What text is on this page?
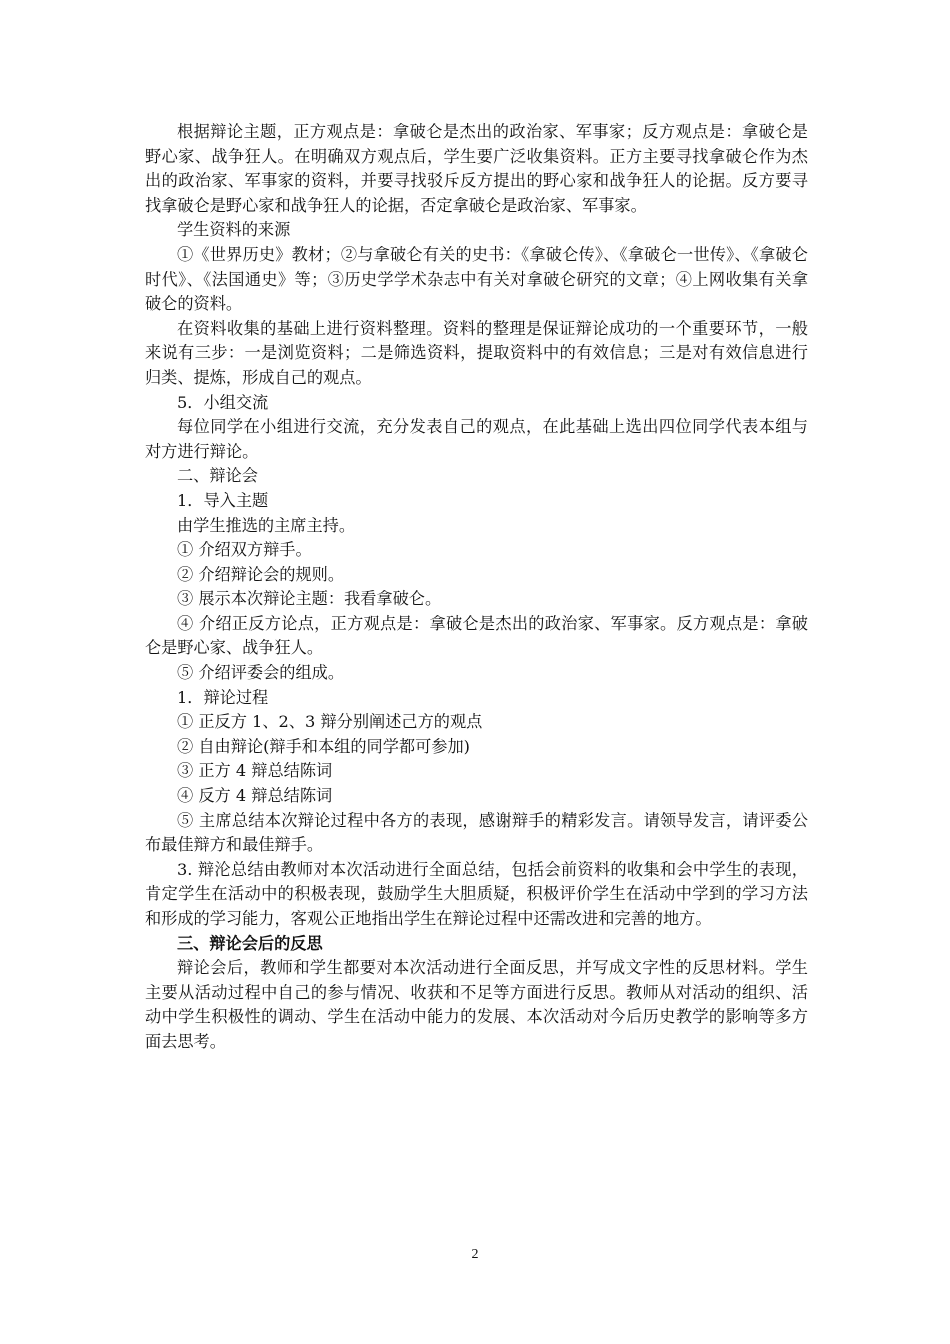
根据辩论主题，正方观点是：拿破仑是杰出的政治家、军事家；反方观点是：拿破仑是野心家、战争狂人。在明确双方观点后，学生要广泛收集资料。正方主要寻找拿破仑作为杰出的政治家、军事家的资料，并要寻找驳斥反方提出的野心家和战争狂人的论据。反方要寻找拿破仑是野心家和战争狂人的论据，否定拿破仑是政治家、军事家。

学生资料的来源

①《世界历史》教材；②与拿破仑有关的史书：《拿破仑传》、《拿破仑一世传》、《拿破仑时代》、《法国通史》等；③历史学学术杂志中有关对拿破仑研究的文章；④上网收集有关拿破仑的资料。

在资料收集的基础上进行资料整理。资料的整理是保证辩论成功的一个重要环节，一般来说有三步：一是浏览资料；二是筛选资料，提取资料中的有效信息；三是对有效信息进行归类、提炼，形成自己的观点。

5．小组交流

每位同学在小组进行交流，充分发表自己的观点，在此基础上选出四位同学代表本组与对方进行辩论。

二、辩论会

1．导入主题

由学生推选的主席主持。

① 介绍双方辩手。

② 介绍辩论会的规则。

③ 展示本次辩论主题：我看拿破仑。

④ 介绍正反方论点，正方观点是：拿破仑是杰出的政治家、军事家。反方观点是：拿破仑是野心家、战争狂人。

⑤ 介绍评委会的组成。

1．辩论过程

① 正反方 1、2、3 辩分别阐述己方的观点

② 自由辩论(辩手和本组的同学都可参加)

③ 正方 4 辩总结陈词

④ 反方 4 辩总结陈词

⑤ 主席总结本次辩论过程中各方的表现，感谢辩手的精彩发言。请领导发言，请评委公布最佳辩方和最佳辩手。

3. 辩沦总结由教师对本次活动进行全面总结，包括会前资料的收集和会中学生的表现，肯定学生在活动中的积极表现，鼓励学生大胆质疑，积极评价学生在活动中学到的学习方法和形成的学习能力，客观公正地指出学生在辩论过程中还需改进和完善的地方。

三、辩论会后的反思

辩论会后，教师和学生都要对本次活动进行全面反思，并写成文字性的反思材料。学生主要从活动过程中自己的参与情况、收获和不足等方面进行反思。教师从对活动的组织、活动中学生积极性的调动、学生在活动中能力的发展、本次活动对今后历史教学的影响等多方面去思考。

2
